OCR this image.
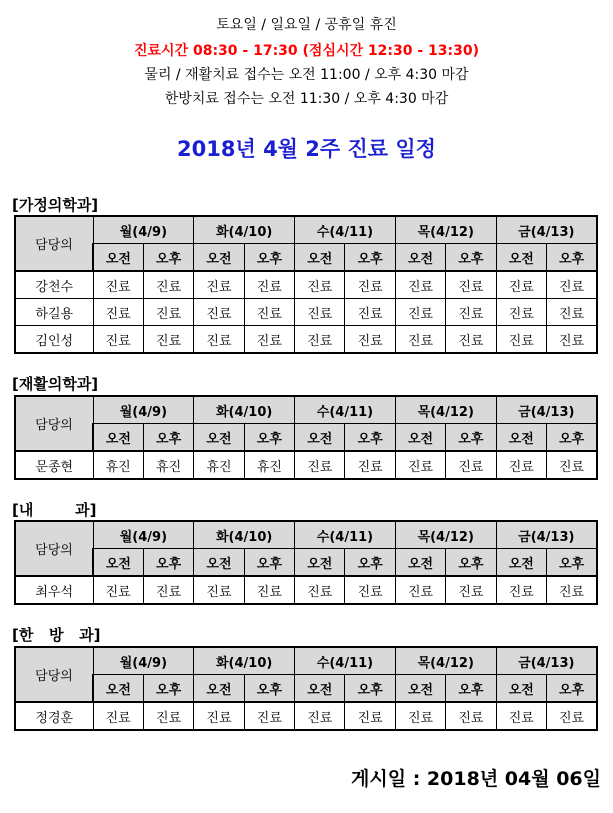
토요일 / 일요일 / 공휴일 휴진
진료시간 08:30 - 17:30 (점심시간 12:30 - 13:30)
물리 / 재활치료 접수는 오전 11:00 / 오후 4:30 마감
한방치료 접수는 오전 11:30 / 오후 4:30 마감
2018년 4월 2주 진료 일정
[가정의학과]
담당의	월(4/9)		화(4/10)		수(4/11)		목(4/12)		금(4/13)	
	오전	오후	오전	오후	오전	오후	오전	오후	오전	오후
강천수	진료	진료	진료	진료	진료	진료	진료	진료	진료	진료
하길용	진료	진료	진료	진료	진료	진료	진료	진료	진료	진료
김인성	진료	진료	진료	진료	진료	진료	진료	진료	진료	진료
[재활의학과]
담당의	월(4/9)		화(4/10)		수(4/11)		목(4/12)		금(4/13)	
	오전	오후	오전	오후	오전	오후	오전	오후	오전	오후
문종현	휴진	휴진	휴진	휴진	진료	진료	진료	진료	진료	진료
[내        과]
담당의	월(4/9)		화(4/10)		수(4/11)		목(4/12)		금(4/13)	
	오전	오후	오전	오후	오전	오후	오전	오후	오전	오후
최우석	진료	진료	진료	진료	진료	진료	진료	진료	진료	진료
[한   방   과]
담당의	월(4/9)		화(4/10)		수(4/11)		목(4/12)		금(4/13)	
	오전	오후	오전	오후	오전	오후	오전	오후	오전	오후
정경훈	진료	진료	진료	진료	진료	진료	진료	진료	진료	진료
게시일 : 2018년 04월 06일
